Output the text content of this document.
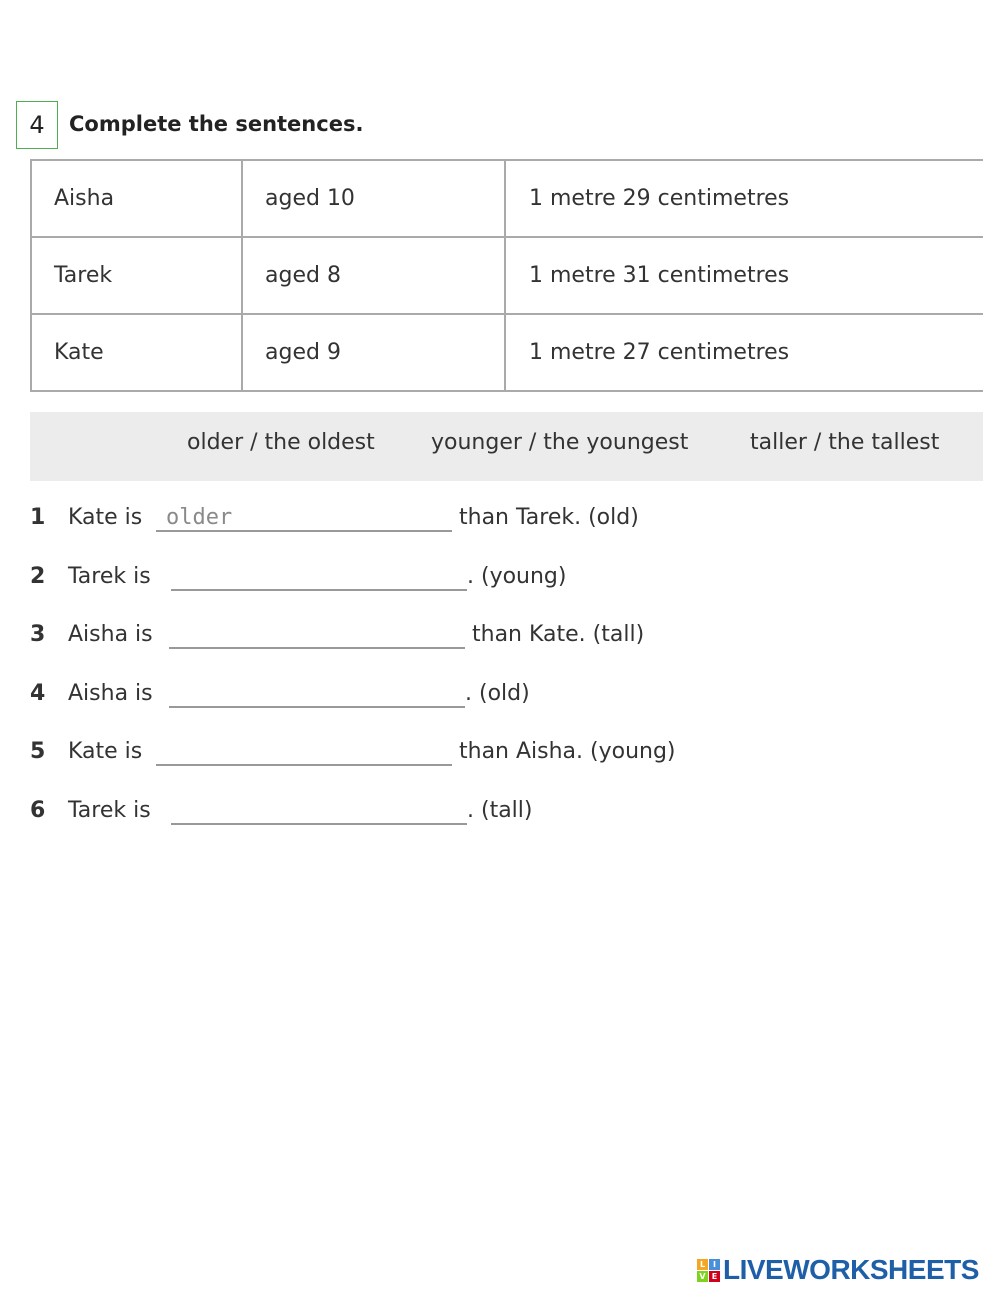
4	Complete the sentences.
Aisha	aged 10	1 metre 29 centimetres
Tarek	aged 8	1 metre 31 centimetres
Kate	aged 9	1 metre 27 centimetres
older / the oldest	younger / the youngest	taller / the tallest
1 Kate is older	than Tarek. (old)
2 Tarek is	. (young)
3 Aisha is	than Kate. (tall)
4 Aisha is	. (old)
5 Kate is	than Aisha. (young)
6 Tarek is	. (tall)
L I
V E LIVEWORKSHEETS
